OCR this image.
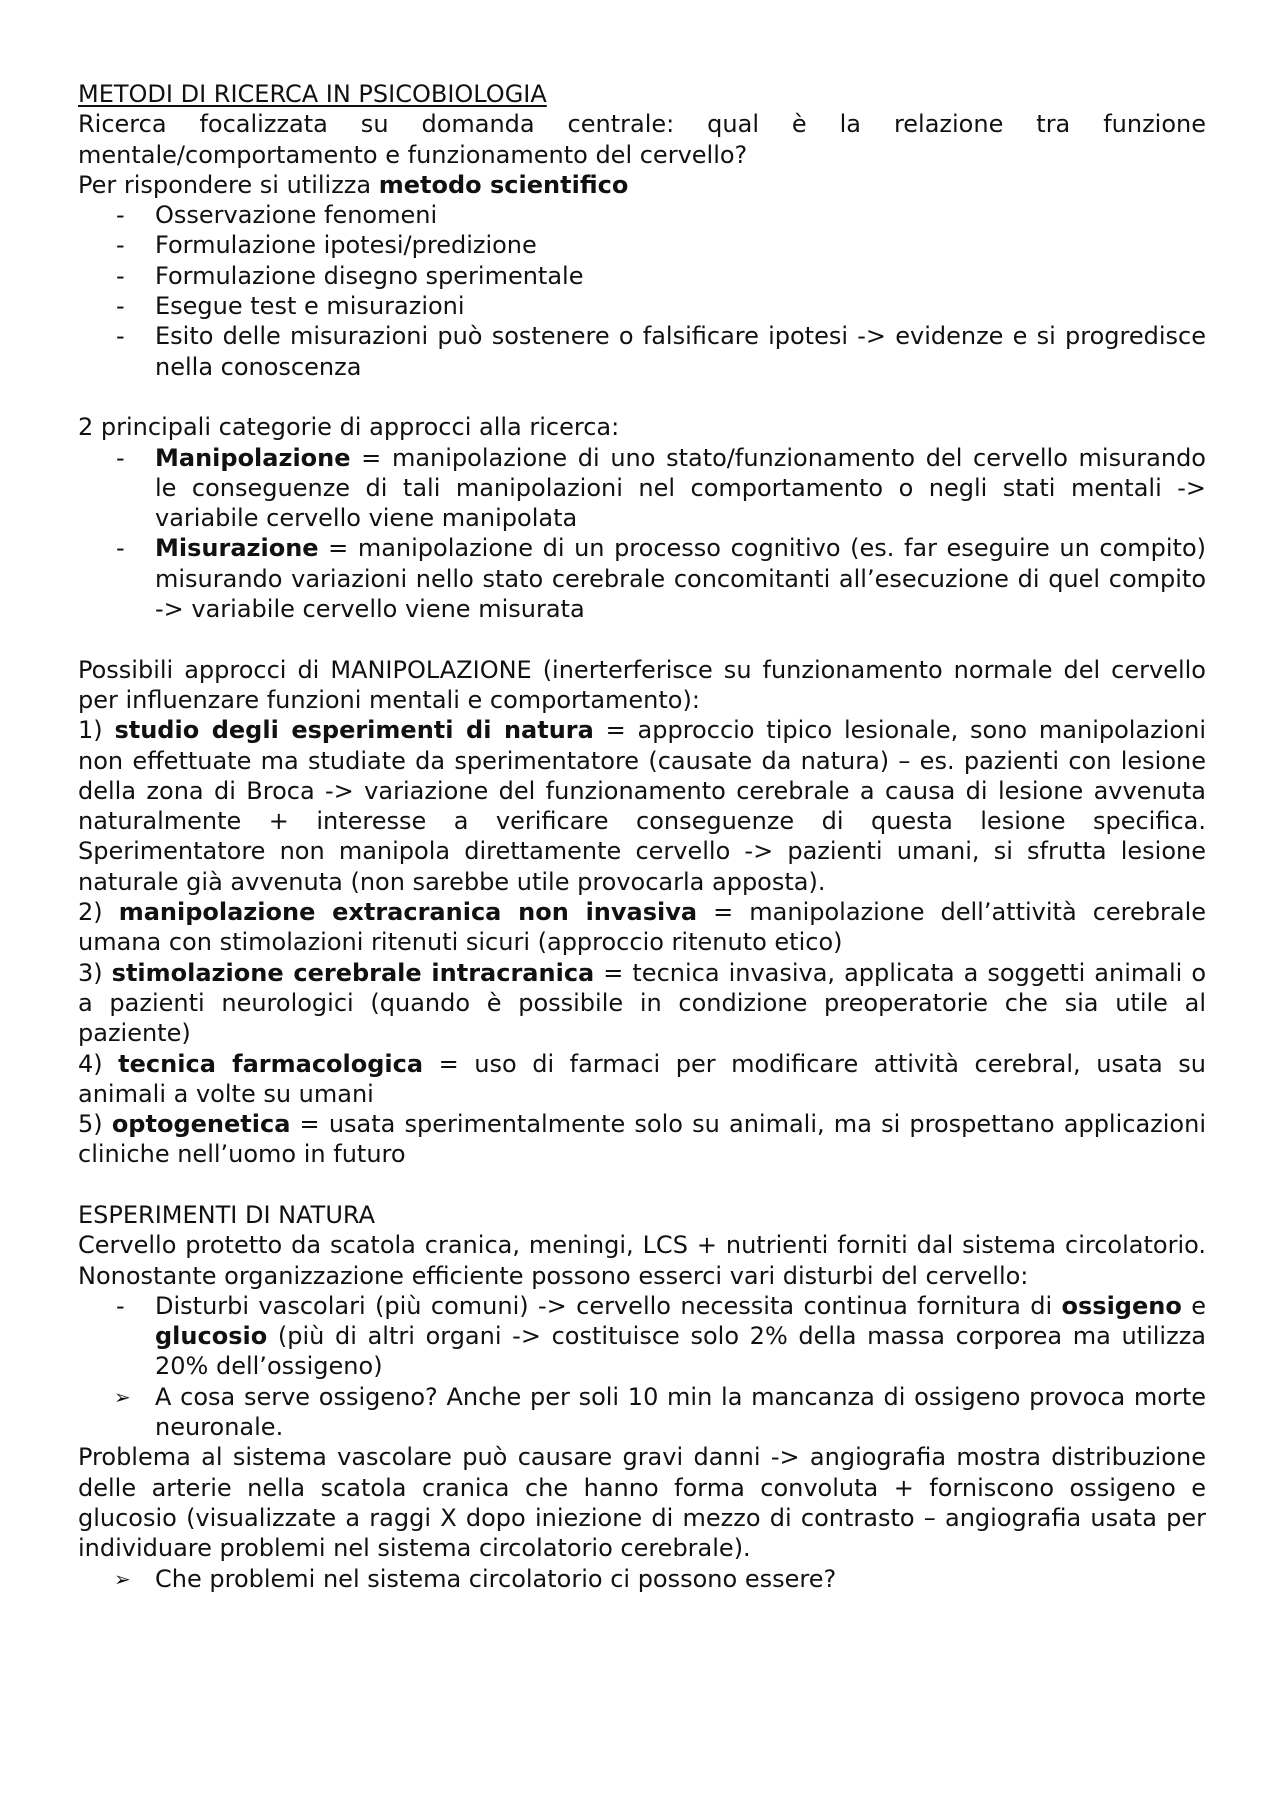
METODI DI RICERCA IN PSICOBIOLOGIA

Ricerca focalizzata su domanda centrale: qual è la relazione tra funzione mentale/comportamento e funzionamento del cervello?

Per rispondere si utilizza metodo scientifico

- Osservazione fenomeni
- Formulazione ipotesi/predizione
- Formulazione disegno sperimentale
- Esegue test e misurazioni
- Esito delle misurazioni può sostenere o falsificare ipotesi -> evidenze e si progredisce nella conoscenza

2 principali categorie di approcci alla ricerca:

- Manipolazione = manipolazione di uno stato/funzionamento del cervello misurando le conseguenze di tali manipolazioni nel comportamento o negli stati mentali -> variabile cervello viene manipolata
- Misurazione = manipolazione di un processo cognitivo (es. far eseguire un compito) misurando variazioni nello stato cerebrale concomitanti all’esecuzione di quel compito -> variabile cervello viene misurata

Possibili approcci di MANIPOLAZIONE (inerterferisce su funzionamento normale del cervello per influenzare funzioni mentali e comportamento):

1) studio degli esperimenti di natura = approccio tipico lesionale, sono manipolazioni non effettuate ma studiate da sperimentatore (causate da natura) – es. pazienti con lesione della zona di Broca -> variazione del funzionamento cerebrale a causa di lesione avvenuta naturalmente + interesse a verificare conseguenze di questa lesione specifica. Sperimentatore non manipola direttamente cervello -> pazienti umani, si sfrutta lesione naturale già avvenuta (non sarebbe utile provocarla apposta).

2) manipolazione extracranica non invasiva = manipolazione dell’attività cerebrale umana con stimolazioni ritenuti sicuri (approccio ritenuto etico)

3) stimolazione cerebrale intracranica = tecnica invasiva, applicata a soggetti animali o a pazienti neurologici (quando è possibile in condizione preoperatorie che sia utile al paziente)

4) tecnica farmacologica = uso di farmaci per modificare attività cerebral, usata su animali a volte su umani

5) optogenetica = usata sperimentalmente solo su animali, ma si prospettano applicazioni cliniche nell’uomo in futuro

ESPERIMENTI DI NATURA

Cervello protetto da scatola cranica, meningi, LCS + nutrienti forniti dal sistema circolatorio. Nonostante organizzazione efficiente possono esserci vari disturbi del cervello:

- Disturbi vascolari (più comuni) -> cervello necessita continua fornitura di ossigeno e glucosio (più di altri organi -> costituisce solo 2% della massa corporea ma utilizza 20% dell’ossigeno)
➢ A cosa serve ossigeno? Anche per soli 10 min la mancanza di ossigeno provoca morte neuronale.

Problema al sistema vascolare può causare gravi danni -> angiografia mostra distribuzione delle arterie nella scatola cranica che hanno forma convoluta + forniscono ossigeno e glucosio (visualizzate a raggi X dopo iniezione di mezzo di contrasto – angiografia usata per individuare problemi nel sistema circolatorio cerebrale).

➢ Che problemi nel sistema circolatorio ci possono essere?
